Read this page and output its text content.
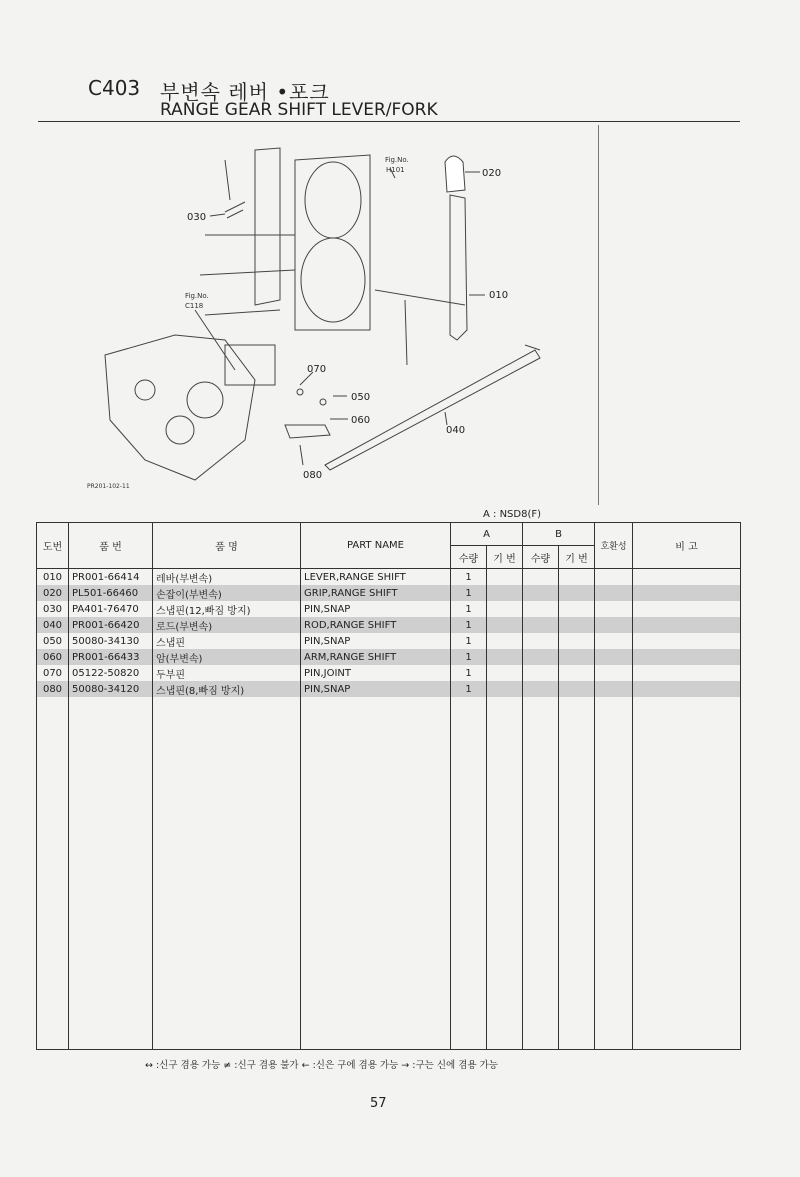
C403 부변속 레버 •포크
RANGE GEAR SHIFT LEVER/FORK
Fig.No.
H101
Fig.No.
C118
020
030
010
070
050
060
040
080
PR201-102-11
A : NSD8(F)
도번	품 번	품 명	PART NAME	A		B		호환성	비 고
				수량	기 번	수량	기 번		
010	PR001-66414	레바(부변속)	LEVER,RANGE SHIFT	1					
020	PL501-66460	손잡이(부변속)	GRIP,RANGE SHIFT	1					
030	PA401-76470	스냅핀(12,빠짐 방지)	PIN,SNAP	1					
040	PR001-66420	로드(부변속)	ROD,RANGE SHIFT	1					
050	50080-34130	스냅핀	PIN,SNAP	1					
060	PR001-66433	암(부변속)	ARM,RANGE SHIFT	1					
070	05122-50820	두부핀	PIN,JOINT	1					
080	50080-34120	스냅핀(8,빠짐 방지)	PIN,SNAP	1					

↔ :신구 겸용 가능 ≠ :신구 겸용 불가 ← :신은 구에 겸용 가능 → :구는 신에 겸용 가능
57
